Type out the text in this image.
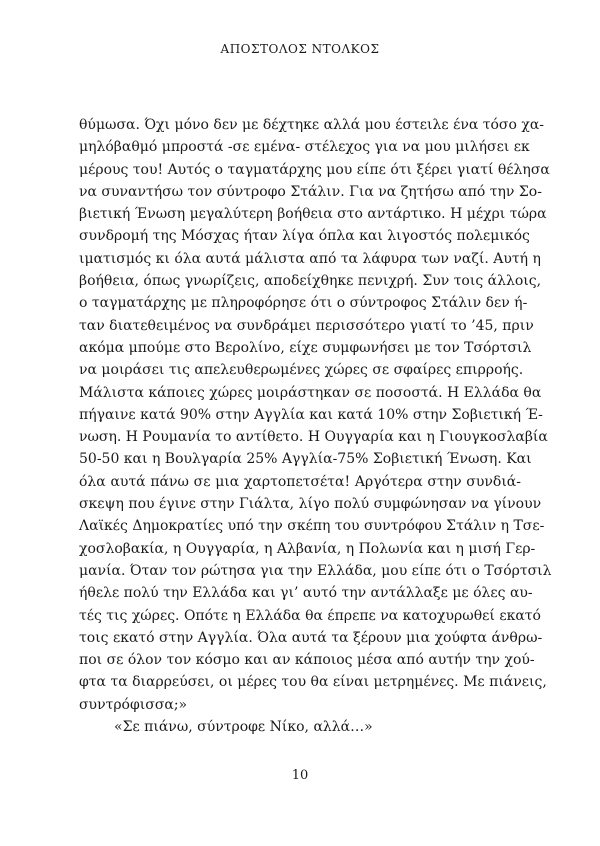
ΑΠΟΣΤΟΛΟΣ ΝΤΟΛΚΟΣ
θύμωσα. Όχι μόνο δεν με δέχτηκε αλλά μου έστειλε ένα τόσο χα-
μηλόβαθμό μπροστά -σε εμένα- στέλεχος για να μου μιλήσει εκ
μέρους του! Αυτός ο ταγματάρχης μου είπε ότι ξέρει γιατί θέλησα
να συναντήσω τον σύντροφο Στάλιν. Για να ζητήσω από την Σο-
βιετική Ένωση μεγαλύτερη βοήθεια στο αντάρτικο. Η μέχρι τώρα
συνδρομή της Μόσχας ήταν λίγα όπλα και λιγοστός πολεμικός
ιματισμός κι όλα αυτά μάλιστα από τα λάφυρα των ναζί. Αυτή η
βοήθεια, όπως γνωρίζεις, αποδείχθηκε πενιχρή. Συν τοις άλλοις,
ο ταγματάρχης με πληροφόρησε ότι ο σύντροφος Στάλιν δεν ή-
ταν διατεθειμένος να συνδράμει περισσότερο γιατί το ’45, πριν
ακόμα μπούμε στο Βερολίνο, είχε συμφωνήσει με τον Τσόρτσιλ
να μοιράσει τις απελευθερωμένες χώρες σε σφαίρες επιρροής.
Μάλιστα κάποιες χώρες μοιράστηκαν σε ποσοστά. Η Ελλάδα θα
πήγαινε κατά 90% στην Αγγλία και κατά 10% στην Σοβιετική Έ-
νωση. Η Ρουμανία το αντίθετο. Η Ουγγαρία και η Γιουγκοσλαβία
50-50 και η Βουλγαρία 25% Αγγλία-75% Σοβιετική Ένωση. Και
όλα αυτά πάνω σε μια χαρτοπετσέτα! Αργότερα στην συνδιά-
σκεψη που έγινε στην Γιάλτα, λίγο πολύ συμφώνησαν να γίνουν
Λαϊκές Δημοκρατίες υπό την σκέπη του συντρόφου Στάλιν η Τσε-
χοσλοβακία, η Ουγγαρία, η Αλβανία, η Πολωνία και η μισή Γερ-
μανία. Όταν τον ρώτησα για την Ελλάδα, μου είπε ότι ο Τσόρτσιλ
ήθελε πολύ την Ελλάδα και γι’ αυτό την αντάλλαξε με όλες αυ-
τές τις χώρες. Οπότε η Ελλάδα θα έπρεπε να κατοχυρωθεί εκατό
τοις εκατό στην Αγγλία. Όλα αυτά τα ξέρουν μια χούφτα άνθρω-
ποι σε όλον τον κόσμο και αν κάποιος μέσα από αυτήν την χού-
φτα τα διαρρεύσει, οι μέρες του θα είναι μετρημένες. Με πιάνεις,
συντρόφισσα;»
«Σε πιάνω, σύντροφε Νίκο, αλλά…»
10
